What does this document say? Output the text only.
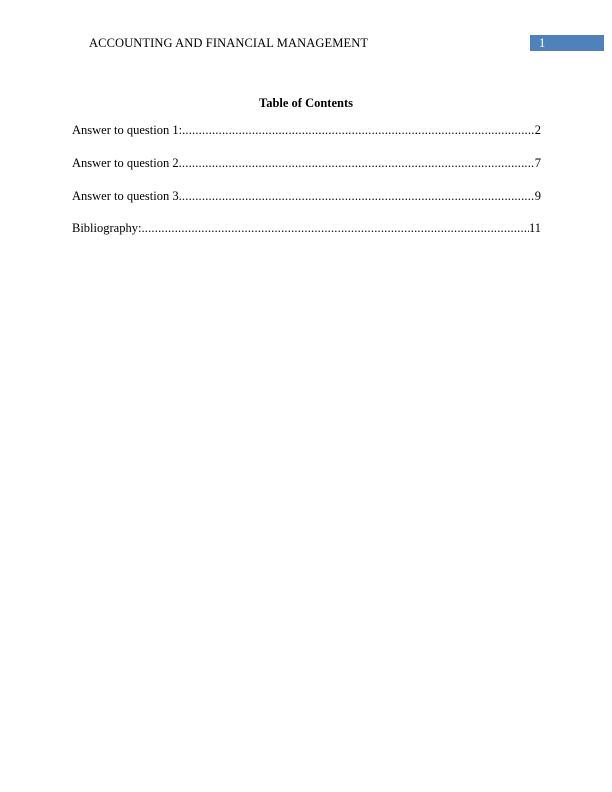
ACCOUNTING AND FINANCIAL MANAGEMENT	1
Table of Contents
Answer to question 1: .....	2
Answer to question 2 .....	7
Answer to question 3 .....	9
Bibliography: .....	11
